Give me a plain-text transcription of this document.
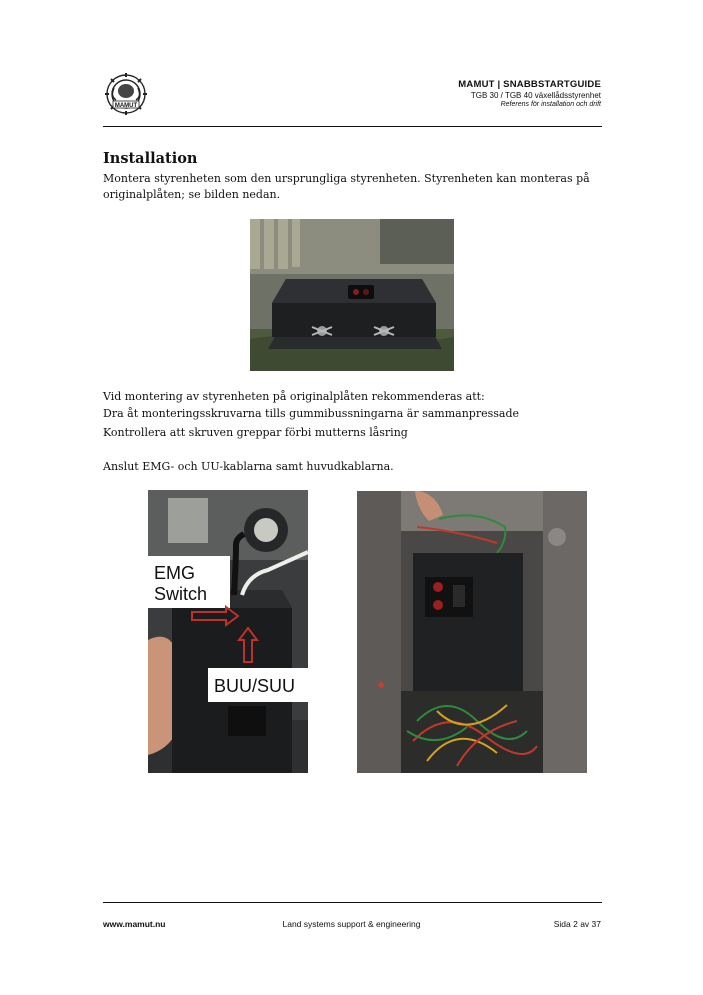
MAMUT
MAMUT | SNABBSTARTGUIDE
TGB 30 / TGB 40 växellådsstyrenhet
Referens för installation och drift
Installation
Montera styrenheten som den ursprungliga styrenheten. Styrenheten kan monteras på
originalplåten; se bilden nedan.
Vid montering av styrenheten på originalplåten rekommenderas att:
Dra åt monteringsskruvarna tills gummibussningarna är sammanpressade
Kontrollera att skruven greppar förbi mutterns låsring
Anslut EMG- och UU-kablarna samt huvudkablarna.
EMG
Switch
BUU/SUU
www.mamut.nu	Land systems support & engineering	Sida 2 av 37
